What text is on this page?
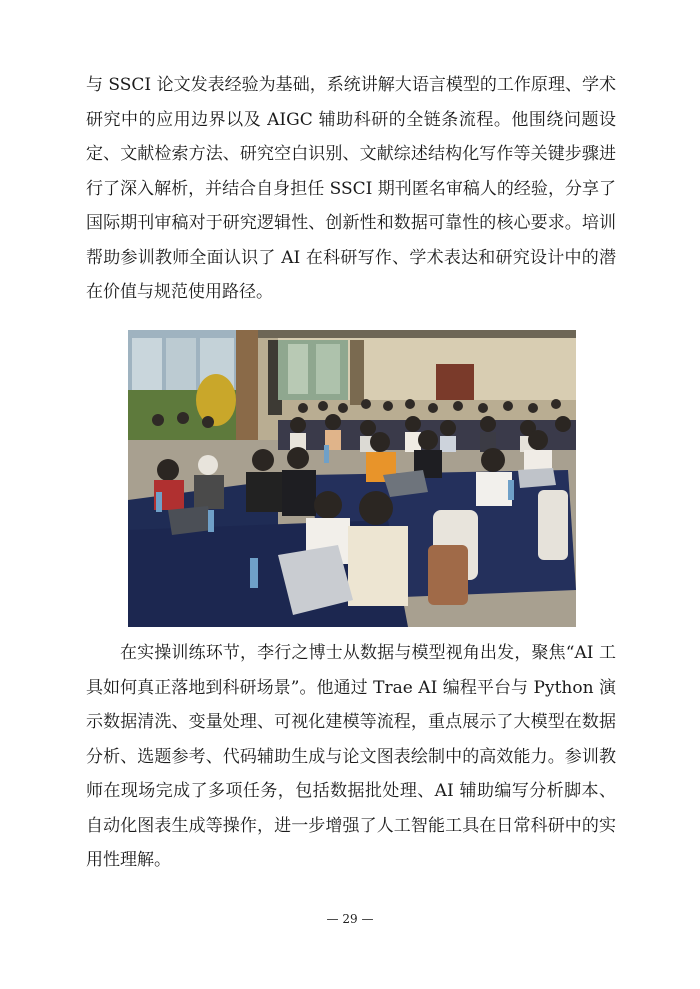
与 SSCI 论文发表经验为基础，系统讲解大语言模型的工作原理、学术研究中的应用边界以及 AIGC 辅助科研的全链条流程。他围绕问题设定、文献检索方法、研究空白识别、文献综述结构化写作等关键步骤进行了深入解析，并结合自身担任 SSCI 期刊匿名审稿人的经验，分享了国际期刊审稿对于研究逻辑性、创新性和数据可靠性的核心要求。培训帮助参训教师全面认识了 AI 在科研写作、学术表达和研究设计中的潜在价值与规范使用路径。

在实操训练环节，李行之博士从数据与模型视角出发，聚焦“AI 工具如何真正落地到科研场景”。他通过 Trae AI 编程平台与 Python 演示数据清洗、变量处理、可视化建模等流程，重点展示了大模型在数据分析、选题参考、代码辅助生成与论文图表绘制中的高效能力。参训教师在现场完成了多项任务，包括数据批处理、AI 辅助编写分析脚本、自动化图表生成等操作，进一步增强了人工智能工具在日常科研中的实用性理解。

— 29 —
